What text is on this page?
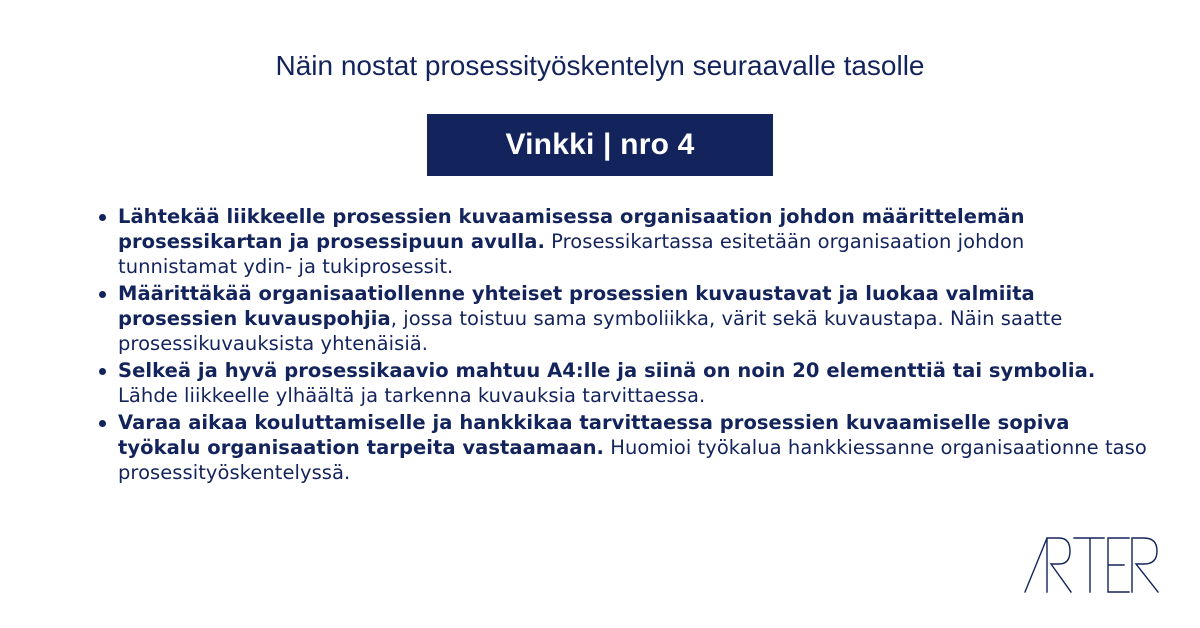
Näin nostat prosessityöskentelyn seuraavalle tasolle
Vinkki | nro 4
Lähtekää liikkeelle prosessien kuvaamisessa organisaation johdon määrittelemän prosessikartan ja prosessipuun avulla. Prosessikartassa esitetään organisaation johdon tunnistamat ydin- ja tukiprosessit.
Määrittäkää organisaatiollenne yhteiset prosessien kuvaustavat ja luokaa valmiita prosessien kuvauspohjia, jossa toistuu sama symboliikka, värit sekä kuvaustapa. Näin saatte prosessikuvauksista yhtenäisiä.
Selkeä ja hyvä prosessikaavio mahtuu A4:lle ja siinä on noin 20 elementtiä tai symbolia. Lähde liikkeelle ylhäältä ja tarkenna kuvauksia tarvittaessa.
Varaa aikaa kouluttamiselle ja hankkikaa tarvittaessa prosessien kuvaamiselle sopiva työkalu organisaation tarpeita vastaamaan. Huomioi työkalua hankkiessanne organisaationne taso prosessityöskentelyssä.
